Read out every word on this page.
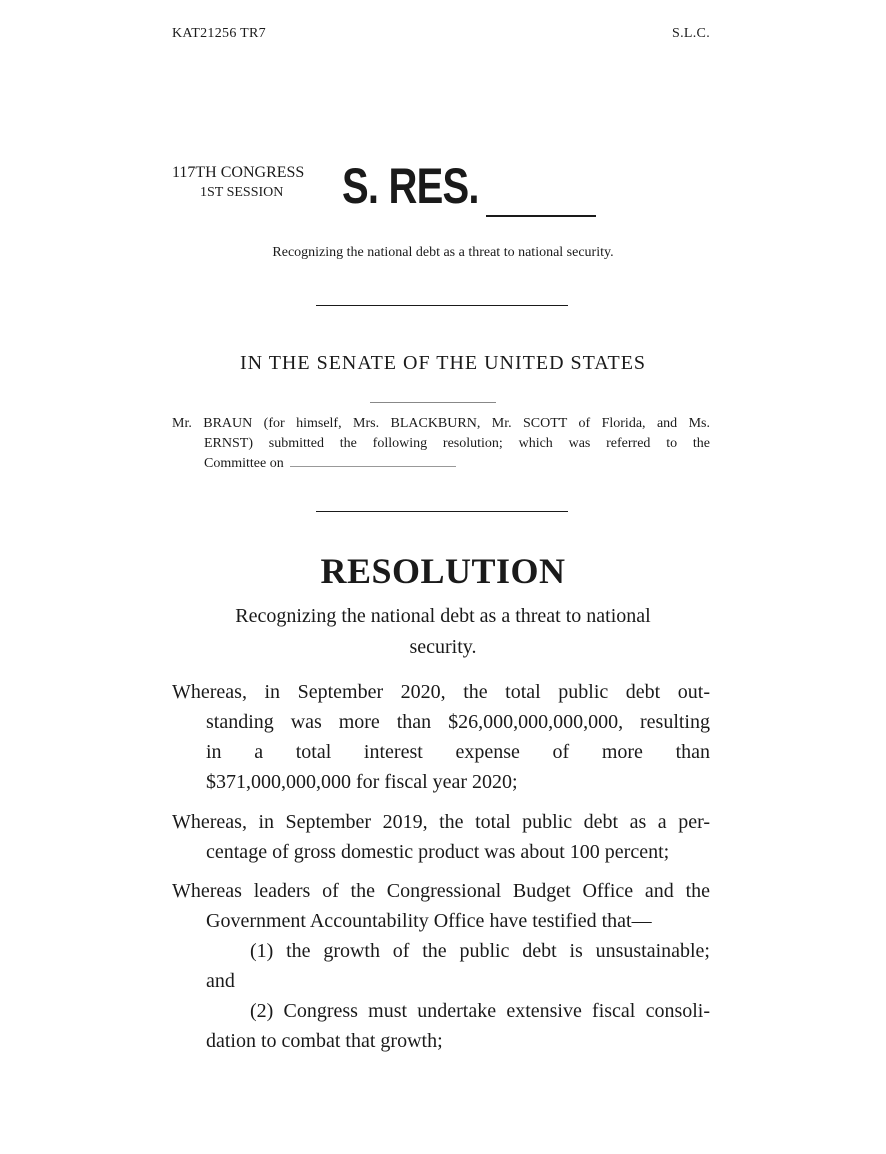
KAT21256 TR7	S.L.C.
117TH CONGRESS
1ST SESSION	S. RES.
Recognizing the national debt as a threat to national security.
IN THE SENATE OF THE UNITED STATES
Mr. BRAUN (for himself, Mrs. BLACKBURN, Mr. SCOTT of Florida, and Ms.
ERNST) submitted the following resolution; which was referred to the
Committee on
RESOLUTION
Recognizing the national debt as a threat to national
security.
Whereas, in September 2020, the total public debt out-
standing was more than $26,000,000,000,000, resulting
in a total interest expense of more than
$371,000,000,000 for fiscal year 2020;
Whereas, in September 2019, the total public debt as a per-
centage of gross domestic product was about 100 percent;
Whereas leaders of the Congressional Budget Office and the
Government Accountability Office have testified that—
(1) the growth of the public debt is unsustainable;
and
(2) Congress must undertake extensive fiscal consoli-
dation to combat that growth;
